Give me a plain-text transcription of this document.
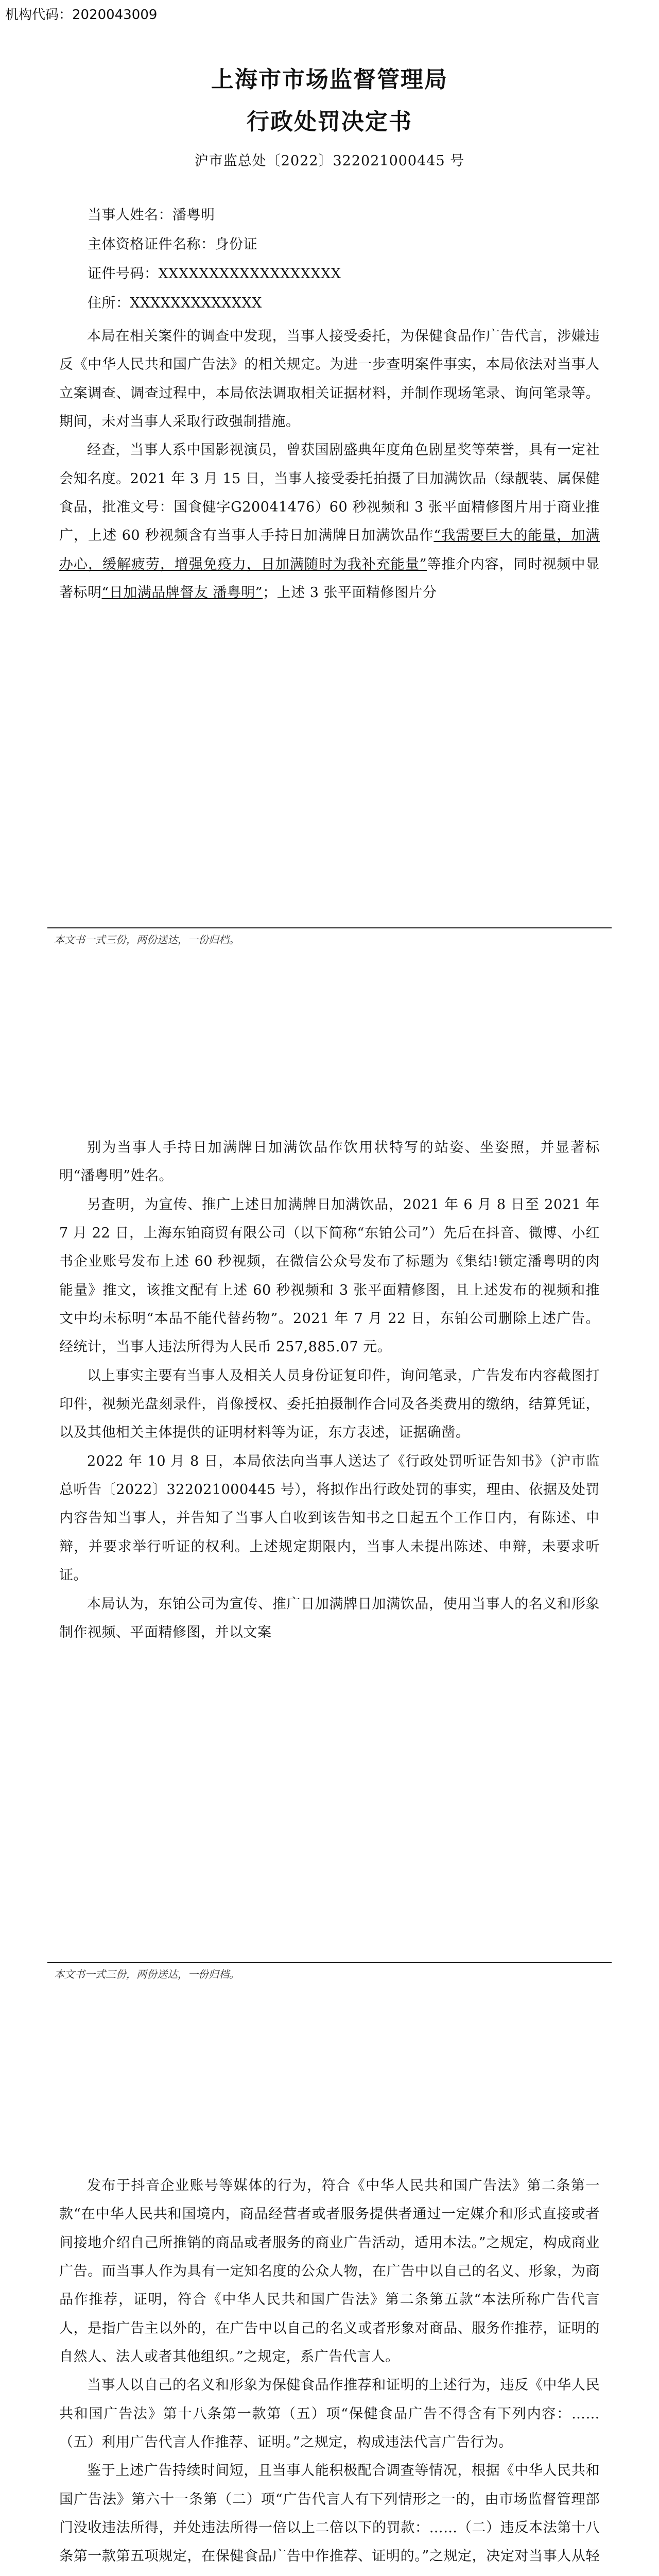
机构代码：2020043009
上海市市场监督管理局
行政处罚决定书
沪市监总处〔2022〕322021000445 号
当事人姓名：潘粤明
主体资格证件名称：身份证
证件号码：XXXXXXXXXXXXXXXXXX
住所：XXXXXXXXXXXXX

本局在相关案件的调查中发现，当事人接受委托，为保健食品作广告代言，涉嫌违反《中华人民共和国广告法》的相关规定。为进一步查明案件事实，本局依法对当事人立案调查、调查过程中，本局依法调取相关证据材料，并制作现场笔录、询问笔录等。期间，未对当事人采取行政强制措施。

经查，当事人系中国影视演员，曾获国剧盛典年度角色剧星奖等荣誉，具有一定社会知名度。2021 年 3 月 15 日，当事人接受委托拍摄了日加满饮品（绿靓装、属保健食品，批准文号：国食健字G20041476）60 秒视频和 3 张平面精修图片用于商业推广，上述 60 秒视频含有当事人手持日加满牌日加满饮品作“我需要巨大的能量，加满办心，缓解疲劳，增强免疫力，日加满随时为我补充能量”等推介内容，同时视频中显著标明“日加满品牌督友 潘粤明”；上述 3 张平面精修图片分

本文书一式三份，两份送达，一份归档。

别为当事人手持日加满牌日加满饮品作饮用状特写的站姿、坐姿照，并显著标明“潘粤明”姓名。

另查明，为宣传、推广上述日加满牌日加满饮品，2021 年 6 月 8 日至 2021 年 7 月 22 日，上海东铂商贸有限公司（以下简称“东铂公司”）先后在抖音、微博、小红书企业账号发布上述 60 秒视频，在微信公众号发布了标题为《集结!锁定潘粤明的肉能量》推文，该推文配有上述 60 秒视频和 3 张平面精修图，且上述发布的视频和推文中均未标明“本品不能代替药物”。2021 年 7 月 22 日，东铂公司删除上述广告。经统计，当事人违法所得为人民币 257,885.07 元。

以上事实主要有当事人及相关人员身份证复印件，询问笔录，广告发布内容截图打印件，视频光盘刻录件，肖像授权、委托拍摄制作合同及各类费用的缴纳，结算凭证，以及其他相关主体提供的证明材料等为证，东方表述，证据确凿。

2022 年 10 月 8 日，本局依法向当事人送达了《行政处罚听证告知书》（沪市监总听告〔2022〕322021000445 号），将拟作出行政处罚的事实，理由、依据及处罚内容告知当事人，并告知了当事人自收到该告知书之日起五个工作日内，有陈述、申辩，并要求举行听证的权利。上述规定期限内，当事人未提出陈述、申辩，未要求听证。

本局认为，东铂公司为宣传、推广日加满牌日加满饮品，使用当事人的名义和形象制作视频、平面精修图，并以文案

本文书一式三份，两份送达，一份归档。

发布于抖音企业账号等媒体的行为，符合《中华人民共和国广告法》第二条第一款“在中华人民共和国境内，商品经营者或者服务提供者通过一定媒介和形式直接或者间接地介绍自己所推销的商品或者服务的商业广告活动，适用本法。”之规定，构成商业广告。而当事人作为具有一定知名度的公众人物，在广告中以自己的名义、形象，为商品作推荐，证明，符合《中华人民共和国广告法》第二条第五款“本法所称广告代言人，是指广告主以外的，在广告中以自己的名义或者形象对商品、服务作推荐，证明的自然人、法人或者其他组织。”之规定，系广告代言人。

当事人以自己的名义和形象为保健食品作推荐和证明的上述行为，违反《中华人民共和国广告法》第十八条第一款第（五）项“保健食品广告不得含有下列内容：……（五）利用广告代言人作推荐、证明。”之规定，构成违法代言广告行为。

鉴于上述广告持续时间短，且当事人能积极配合调查等情况，根据《中华人民共和国广告法》第六十一条第（二）项“广告代言人有下列情形之一的，由市场监督管理部门没收违法所得，并处违法所得一倍以上二倍以下的罚款：……（二）违反本法第十八条第一款第五项规定，在保健食品广告中作推荐、证明的。”之规定，决定对当事人从轻
